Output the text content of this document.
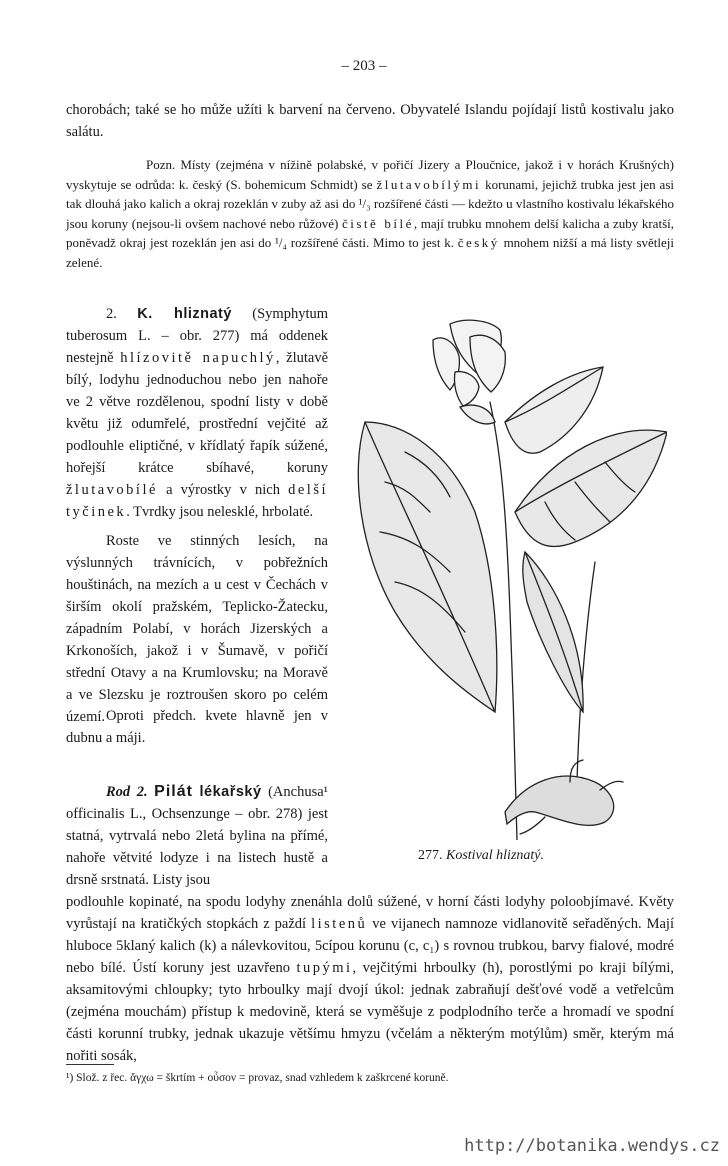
– 203 –

chorobách; také se ho může užíti k barvení na červeno. Obyvatelé Islandu pojídají listů kostivalu jako salátu.

Pozn. Místy (zejména v nížině polabské, v pořičí Jizery a Ploučnice, jakož i v horách Krušných) vyskytuje se odrůda: k. český (S. bohemicum Schmidt) se žlutavobílými korunami, jejichž trubka jest jen asi tak dlouhá jako kalich a okraj rozeklán v zuby až asi do ¹/₃ rozšířené části — kdežto u vlastního kostivalu lékařského jsou koruny (nejsou-li ovšem nachové nebo růžové) čistě bílé, mají trubku mnohem delší kalicha a zuby kratší, poněvadž okraj jest rozeklán jen asi do ¹/₄ rozšířené části. Mimo to jest k. český mnohem nižší a má listy světleji zelené.

2. K. hliznatý (Symphytum tuberosum L. – obr. 277) má oddenek nestejně hlízovitě napuchlý, žlutavě bílý, lodyhu jednoduchou nebo jen nahoře ve 2 větve rozdělenou, spodní listy v době květu již odumřelé, prostřední vejčité až podlouhle eliptičné, v křídlatý řapík súžené, hořejší krátce sbíhavé, koruny žlutavobílé a výrostky v nich delší tyčinek. Tvrdky jsou nelesklé, hrbolaté.

Roste ve stinných lesích, na výslunných trávnících, v pobřežních houštinách, na mezích a u cest v Čechách v širším okolí pražském, Teplicko-Žatecku, západním Polabí, v horách Jizerských a Krkonoších, jakož i v Šumavě, v pořičí střední Otavy a na Krumlovsku; na Moravě a ve Slezsku je roztroušen skoro po celém území. Oproti předch. kvete hlavně jen v dubnu a máji.

Rod 2. Pilát lékařský (Anchusa¹ officinalis L., Ochsenzunge – obr. 278) jest statná, vytrvalá nebo 2letá bylina na přímé, nahoře větvité lodyze i na listech hustě a drsně srstnatá. Listy jsou

podlouhle kopinaté, na spodu lodyhy znenáhla dolů súžené, v horní části lodyhy poloobjímavé. Květy vyrůstají na kratičkých stopkách z paždí listenů ve vijanech namnoze vidlanovitě seřaděných. Mají hluboce 5klaný kalich (k) a nálevkovitou, 5cípou korunu (c, c₁) s rovnou trubkou, barvy fialové, modré nebo bílé. Ústí koruny jest uzavřeno tupými, vejčitými hrboulky (h), porostlými po kraji bílými, aksamitovými chloupky; tyto hrboulky mají dvojí úkol: jednak zabraňují dešťové vodě a vetřelcům (zejména mouchám) přístup k medovině, která se vyměšuje z podplodního terče a hromadí ve spodní části korunní trubky, jednak ukazuje většímu hmyzu (včelám a některým motýlům) směr, kterým má nořiti sosák,

277. Kostival hliznatý.
¹) Slož. z řec. ἄγχω = škrtím + οὖσον = provaz, snad vzhledem k zaškrcené koruně.
http://botanika.wendys.cz
